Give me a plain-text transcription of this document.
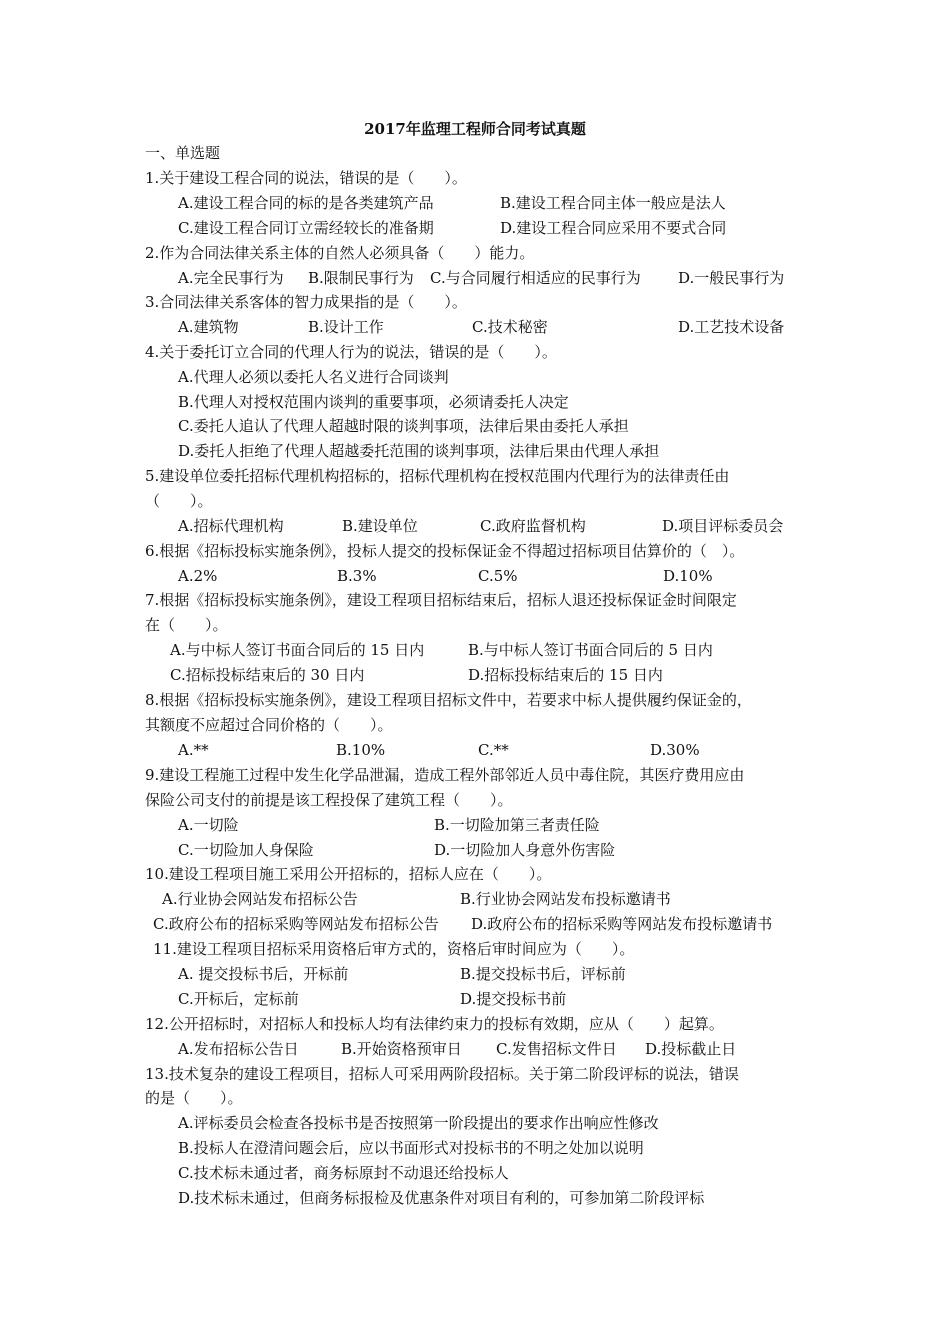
2017年监理工程师合同考试真题
一、单选题
1.关于建设工程合同的说法，错误的是（　　）。
A.建设工程合同的标的是各类建筑产品	B.建设工程合同主体一般应是法人
C.建设工程合同订立需经较长的准备期	D.建设工程合同应采用不要式合同
2.作为合同法律关系主体的自然人必须具备（　　）能力。
A.完全民事行为 B.限制民事行为 C.与合同履行相适应的民事行为 D.一般民事行为
3.合同法律关系客体的智力成果指的是（　　）。
A.建筑物	B.设计工作	C.技术秘密	D.工艺技术设备
4.关于委托订立合同的代理人行为的说法，错误的是（　　）。
A.代理人必须以委托人名义进行合同谈判
B.代理人对授权范围内谈判的重要事项，必须请委托人决定
C.委托人追认了代理人超越时限的谈判事项，法律后果由委托人承担
D.委托人拒绝了代理人超越委托范围的谈判事项，法律后果由代理人承担
5.建设单位委托招标代理机构招标的，招标代理机构在授权范围内代理行为的法律责任由
（　　）。
A.招标代理机构	B.建设单位	C.政府监督机构	D.项目评标委员会
6.根据《招标投标实施条例》，投标人提交的投标保证金不得超过招标项目估算价的（　）。
A.2%	B.3%	C.5%	D.10%
7.根据《招标投标实施条例》，建设工程项目招标结束后，招标人退还投标保证金时间限定
在（　　）。
A.与中标人签订书面合同后的 15 日内	B.与中标人签订书面合同后的 5 日内
C.招标投标结束后的 30 日内	D.招标投标结束后的 15 日内
8.根据《招标投标实施条例》，建设工程项目招标文件中，若要求中标人提供履约保证金的，
其额度不应超过合同价格的（　　）。
A.**	B.10%	C.**	D.30%
9.建设工程施工过程中发生化学品泄漏，造成工程外部邻近人员中毒住院，其医疗费用应由
保险公司支付的前提是该工程投保了建筑工程（　　）。
A.一切险	B.一切险加第三者责任险
C.一切险加人身保险	D.一切险加人身意外伤害险
10.建设工程项目施工采用公开招标的，招标人应在（　　）。
A.行业协会网站发布招标公告	B.行业协会网站发布投标邀请书
C.政府公布的招标采购等网站发布招标公告 D.政府公布的招标采购等网站发布投标邀请书
11.建设工程项目招标采用资格后审方式的，资格后审时间应为（　　）。
A. 提交投标书后，开标前	B.提交投标书后，评标前
C.开标后，定标前	D.提交投标书前
12.公开招标时，对招标人和投标人均有法律约束力的投标有效期，应从（　　）起算。
A.发布招标公告日	B.开始资格预审日 C.发售招标文件日 D.投标截止日
13.技术复杂的建设工程项目，招标人可采用两阶段招标。关于第二阶段评标的说法，错误
的是（　　）。
A.评标委员会检查各投标书是否按照第一阶段提出的要求作出响应性修改
B.投标人在澄清问题会后，应以书面形式对投标书的不明之处加以说明
C.技术标未通过者，商务标原封不动退还给投标人
D.技术标未通过，但商务标报检及优惠条件对项目有利的，可参加第二阶段评标
